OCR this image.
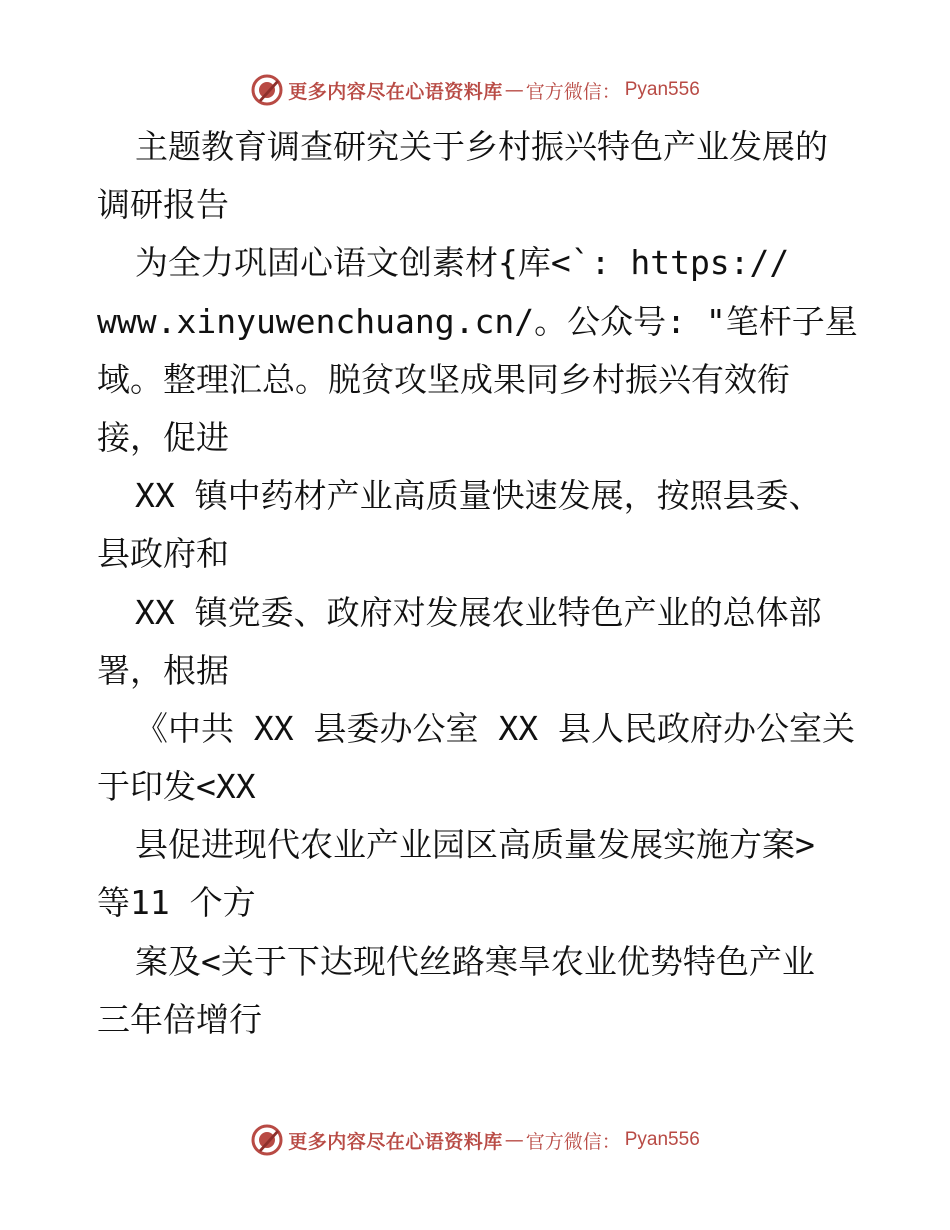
更多内容尽在心语资料库 — 官方微信： Pyan556
主题教育调查研究关于乡村振兴特色产业发展的
调研报告
为全力巩固心语文创素材{库<`: https://
www.xinyuwenchuang.cn/。公众号: "笔杆子星
域。整理汇总。脱贫攻坚成果同乡村振兴有效衔
接，促进
XX 镇中药材产业高质量快速发展，按照县委、
县政府和
XX 镇党委、政府对发展农业特色产业的总体部
署，根据
《中共 XX 县委办公室 XX 县人民政府办公室关
于印发<XX
县促进现代农业产业园区高质量发展实施方案>
等11 个方
案及<关于下达现代丝路寒旱农业优势特色产业
三年倍增行
更多内容尽在心语资料库 — 官方微信： Pyan556
